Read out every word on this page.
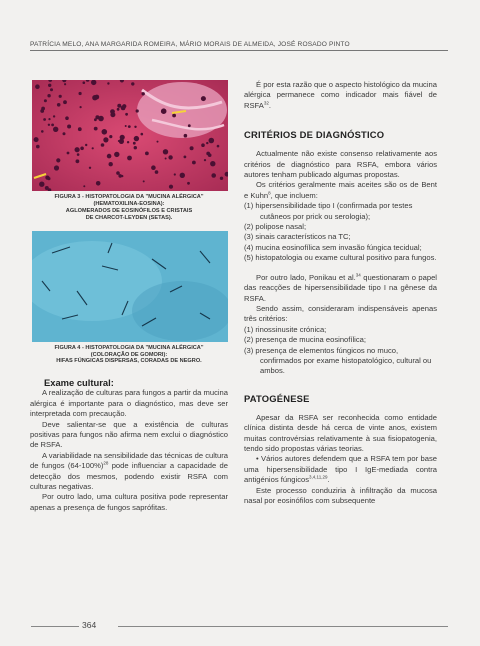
PATRÍCIA MELO, ANA MARGARIDA ROMEIRA, MÁRIO MORAIS DE ALMEIDA, JOSÉ ROSADO PINTO
FIGURA 3 - HISTOPATOLOGIA DA "MUCINA ALÉRGICA"
(HEMATOXILINA-EOSINA):
AGLOMERADOS DE EOSINÓFILOS E CRISTAIS
DE CHARCOT-LEYDEN (SETAS).
FIGURA 4 - HISTOPATOLOGIA DA "MUCINA ALÉRGICA"
(COLORAÇÃO DE GOMORI):
HIFAS FÚNGICAS DISPERSAS, CORADAS DE NEGRO.
Exame cultural:

A realização de culturas para fungos a partir da mucina alérgica é importante para o diagnóstico, mas deve ser interpretada com precaução.

Deve salientar-se que a existência de culturas positivas para fungos não afirma nem exclui o diagnóstico de RSFA.

A variabilidade na sensibilidade das técnicas de cultura de fungos $(64-100\%)^{28}$ pode influenciar a capacidade de detecção dos mesmos, podendo existir RSFA com culturas negativas.

Por outro lado, uma cultura positiva pode representar apenas a presença de fungos saprófitas.

É por esta razão que o aspecto histológico da mucina alérgica permanece como indicador mais fiável de RSFA$^{32}$.

CRITÉRIOS DE DIAGNÓSTICO

Actualmente não existe consenso relativamente aos critérios de diagnóstico para RSFA, embora vários autores tenham publicado algumas propostas.

Os critérios geralmente mais aceites são os de Bent e Kuhn$^8$, que incluem:

(1) hipersensibilidade tipo I (confirmada por testes cutâneos por prick ou serologia);
(2) polipose nasal;
(3) sinais característicos na TC;
(4) mucina eosinofílica sem invasão fúngica tecidual;
(5) histopatologia ou exame cultural positivo para fungos.

Por outro lado, Ponikau et al.$^{34}$ questionaram o papel das reacções de hipersensibilidade tipo I na gênese da RSFA.

Sendo assim, consideraram indispensáveis apenas três critérios:

(1) rinossinusite crónica;
(2) presença de mucina eosinofílica;
(3) presença de elementos fúngicos no muco, confirmados por exame histopatológico, cultural ou ambos.
PATOGÉNESE

Apesar da RSFA ser reconhecida como entidade clínica distinta desde há cerca de vinte anos, existem muitas controvérsias relativamente à sua fisiopatogenia, tendo sido propostas várias teorias.

• Vários autores defendem que a RSFA tem por base uma hipersensibilidade tipo I IgE-mediada contra antigénios fúngicos$^{3,4,11,29}$.

Este processo conduziria à infiltração da mucosa nasal por eosinófilos com subsequente

364
